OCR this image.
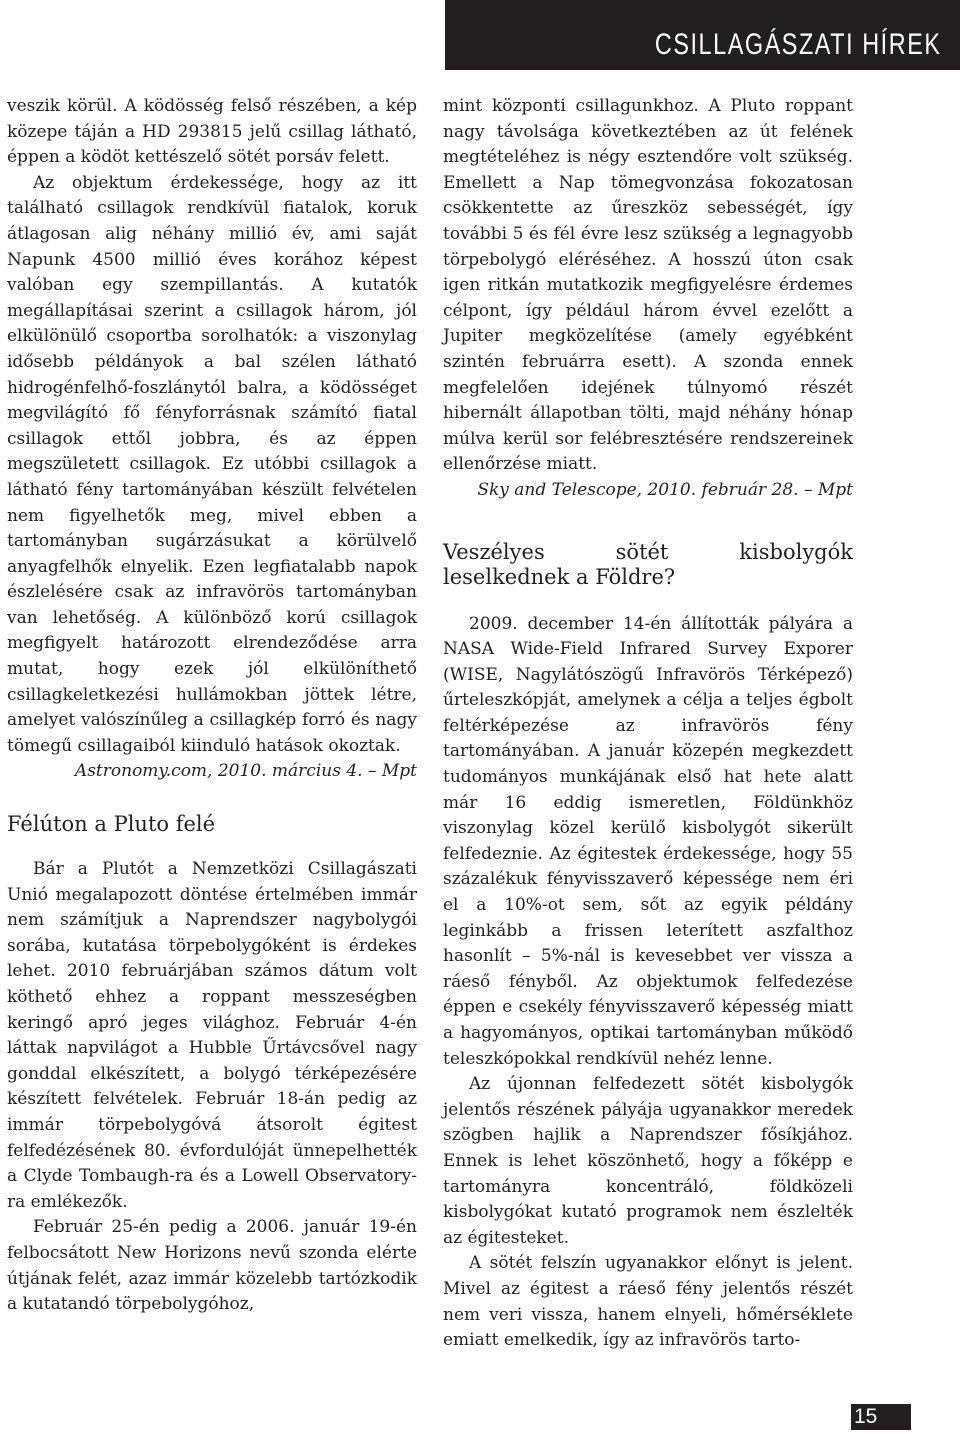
CSILLAGÁSZATI HÍREK

veszik körül. A ködösség felső részében, a kép közepe táján a HD 293815 jelű csillag látható, éppen a ködöt kettészelő sötét porsáv felett.

Az objektum érdekessége, hogy az itt található csillagok rendkívül fiatalok, koruk átlagosan alig néhány millió év, ami saját Napunk 4500 millió éves korához képest valóban egy szempillantás. A kutatók megállapításai szerint a csillagok három, jól elkülönülő csoportba sorolhatók: a viszonylag idősebb példányok a bal szélen látható hidrogénfelhő-foszlánytól balra, a ködösséget megvilágító fő fényforrásnak számító fiatal csillagok ettől jobbra, és az éppen megszületett csillagok. Ez utóbbi csillagok a látható fény tartományában készült felvételen nem figyelhetők meg, mivel ebben a tartományban sugárzásukat a körülvelő anyagfelhők elnyelik. Ezen legfiatalabb napok észlelésére csak az infravörös tartományban van lehetőség. A különböző korú csillagok megfigyelt határozott elrendeződése arra mutat, hogy ezek jól elkülöníthető csillagkeletkezési hullámokban jöttek létre, amelyet valószínűleg a csillagkép forró és nagy tömegű csillagaiból kiinduló hatások okoztak.

Astronomy.com, 2010. március 4. – Mpt

Félúton a Pluto felé

Bár a Plutót a Nemzetközi Csillagászati Unió megalapozott döntése értelmében immár nem számítjuk a Naprendszer nagybolygói sorába, kutatása törpebolygóként is érdekes lehet. 2010 februárjában számos dátum volt köthető ehhez a roppant messzeségben keringő apró jeges világhoz. Február 4-én láttak napvilágot a Hubble Űrtávcsővel nagy gonddal elkészített, a bolygó térképezésére készített felvételek. Február 18-án pedig az immár törpebolygóvá átsorolt égitest felfedézésének 80. évfordulóját ünnepelhették a Clyde Tombaugh-ra és a Lowell Observatory-ra emlékezők.

Február 25-én pedig a 2006. január 19-én felbocsátott New Horizons nevű szonda elérte útjának felét, azaz immár közelebb tartózkodik a kutatandó törpebolygóhoz,

mint központi csillagunkhoz. A Pluto roppant nagy távolsága következtében az út felének megtételéhez is négy esztendőre volt szükség. Emellett a Nap tömegvonzása fokozatosan csökkentette az űreszköz sebességét, így további 5 és fél évre lesz szükség a legnagyobb törpebolygó eléréséhez. A hosszú úton csak igen ritkán mutatkozik megfigyelésre érdemes célpont, így például három évvel ezelőtt a Jupiter megközelítése (amely egyébként szintén februárra esett). A szonda ennek megfelelően idejének túlnyomó részét hibernált állapotban tölti, majd néhány hónap múlva kerül sor felébresztésére rendszereinek ellenőrzése miatt.

Sky and Telescope, 2010. február 28. – Mpt

Veszélyes sötét kisbolygók leselkednek a Földre?

2009. december 14-én állították pályára a NASA Wide-Field Infrared Survey Exporer (WISE, Nagylátószögű Infravörös Térképező) űrteleszkópját, amelynek a célja a teljes égbolt feltérképezése az infravörös fény tartományában. A január közepén megkezdett tudományos munkájának első hat hete alatt már 16 eddig ismeretlen, Földünkhöz viszonylag közel kerülő kisbolygót sikerült felfedeznie. Az égitestek érdekessége, hogy 55 százalékuk fényvisszaverő képessége nem éri el a 10%-ot sem, sőt az egyik példány leginkább a frissen leterített aszfalthoz hasonlít – 5%-nál is kevesebbet ver vissza a ráeső fényből. Az objektumok felfedezése éppen e csekély fényvisszaverő képesség miatt a hagyományos, optikai tartományban működő teleszkópokkal rendkívül nehéz lenne.

Az újonnan felfedezett sötét kisbolygók jelentős részének pályája ugyanakkor meredek szögben hajlik a Naprendszer fősíkjához. Ennek is lehet köszönhető, hogy a főképp e tartományra koncentráló, földközeli kisbolygókat kutató programok nem észlelték az égitesteket.

A sötét felszín ugyanakkor előnyt is jelent. Mivel az égitest a ráeső fény jelentős részét nem veri vissza, hanem elnyeli, hőmérséklete emiatt emelkedik, így az infravörös tarto-

15
